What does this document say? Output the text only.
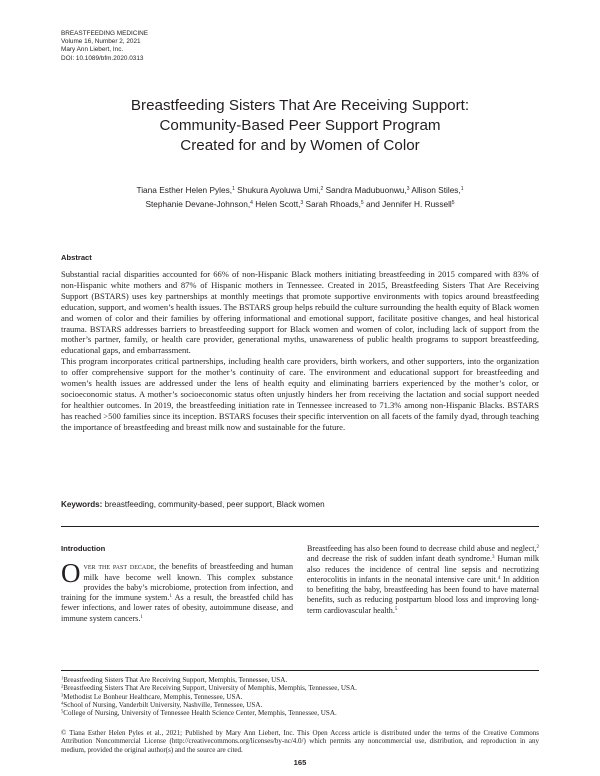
BREASTFEEDING MEDICINE
Volume 16, Number 2, 2021
Mary Ann Liebert, Inc.
DOI: 10.1089/bfm.2020.0313
Breastfeeding Sisters That Are Receiving Support:
Community-Based Peer Support Program
Created for and by Women of Color
Tiana Esther Helen Pyles,$^1$ Shukura Ayoluwa Umi,$^2$ Sandra Madubuonwu,$^3$ Allison Stiles,$^1$
Stephanie Devane-Johnson,$^4$ Helen Scott,$^3$ Sarah Rhoads,$^5$ and Jennifer H. Russell$^5$
Abstract

Substantial racial disparities accounted for 66% of non-Hispanic Black mothers initiating breastfeeding in 2015 compared with 83% of non-Hispanic white mothers and 87% of Hispanic mothers in Tennessee. Created in 2015, Breastfeeding Sisters That Are Receiving Support (BSTARS) uses key partnerships at monthly meetings that promote supportive environments with topics around breastfeeding education, support, and women’s health issues. The BSTARS group helps rebuild the culture surrounding the health equity of Black women and women of color and their families by offering informational and emotional support, facilitate positive changes, and heal historical trauma. BSTARS addresses barriers to breastfeeding support for Black women and women of color, including lack of support from the mother’s partner, family, or health care provider, generational myths, unawareness of public health programs to support breastfeeding, educational gaps, and embarrassment.

This program incorporates critical partnerships, including health care providers, birth workers, and other supporters, into the organization to offer comprehensive support for the mother’s continuity of care. The environment and educational support for breastfeeding and women’s health issues are addressed under the lens of health equity and eliminating barriers experienced by the mother’s color, or socioeconomic status. A mother’s socioeconomic status often unjustly hinders her from receiving the lactation and social support needed for healthier outcomes. In 2019, the breastfeeding initiation rate in Tennessee increased to 71.3% among non-Hispanic Blacks. BSTARS has reached >500 families since its inception. BSTARS focuses their specific intervention on all facets of the family dyad, through teaching the importance of breastfeeding and breast milk now and sustainable for the future.

Keywords: breastfeeding, community-based, peer support, Black women
Introduction

Over the past decade, the benefits of breastfeeding and human milk have become well known. This complex substance provides the baby’s microbiome, protection from infection, and training for the immune system.$^1$ As a result, the breastfed child has fewer infections, and lower rates of obesity, autoimmune disease, and immune system cancers.$^1$

Breastfeeding has also been found to decrease child abuse and neglect,$^2$ and decrease the risk of sudden infant death syndrome.$^3$ Human milk also reduces the incidence of central line sepsis and necrotizing enterocolitis in infants in the neonatal intensive care unit.$^4$ In addition to benefiting the baby, breastfeeding has been found to have maternal benefits, such as reducing postpartum blood loss and improving long-term cardiovascular health.$^5$

$^1$Breastfeeding Sisters That Are Receiving Support, Memphis, Tennessee, USA.
$^2$Breastfeeding Sisters That Are Receiving Support, University of Memphis, Memphis, Tennessee, USA.
$^3$Methodist Le Bonheur Healthcare, Memphis, Tennessee, USA.
$^4$School of Nursing, Vanderbilt University, Nashville, Tennessee, USA.
$^5$College of Nursing, University of Tennessee Health Science Center, Memphis, Tennessee, USA.
© Tiana Esther Helen Pyles et al., 2021; Published by Mary Ann Liebert, Inc. This Open Access article is distributed under the terms of the Creative Commons Attribution Noncommercial License (http://creativecommons.org/licenses/by-nc/4.0/) which permits any noncommercial use, distribution, and reproduction in any medium, provided the original author(s) and the source are cited.
165
